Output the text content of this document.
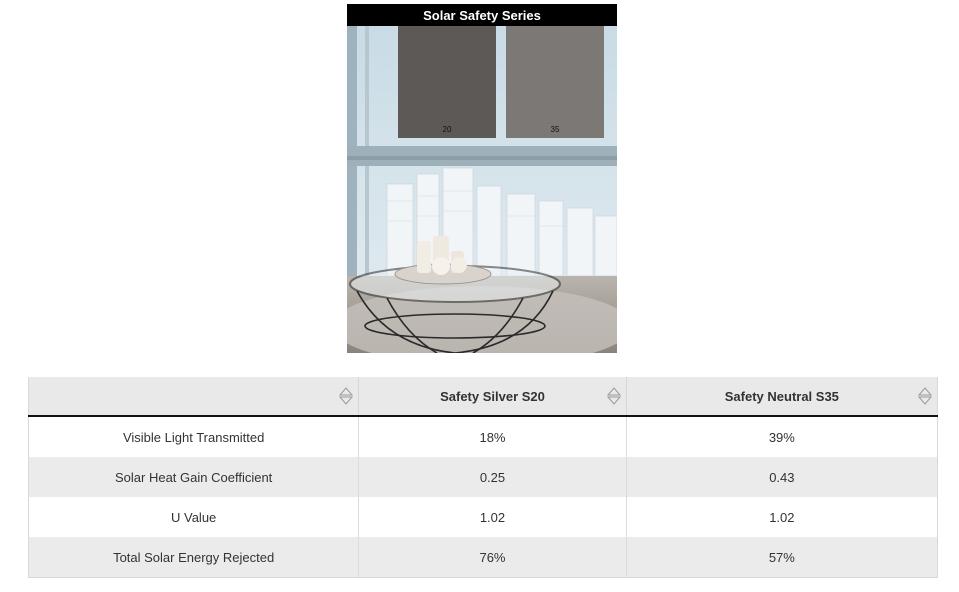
Solar Safety Series
20	35
	Safety Silver S20	Safety Neutral S35

Visible Light Transmitted	18%	39%
Solar Heat Gain Coefficient	0.25	0.43
U Value	1.02	1.02
Total Solar Energy Rejected	76%	57%
